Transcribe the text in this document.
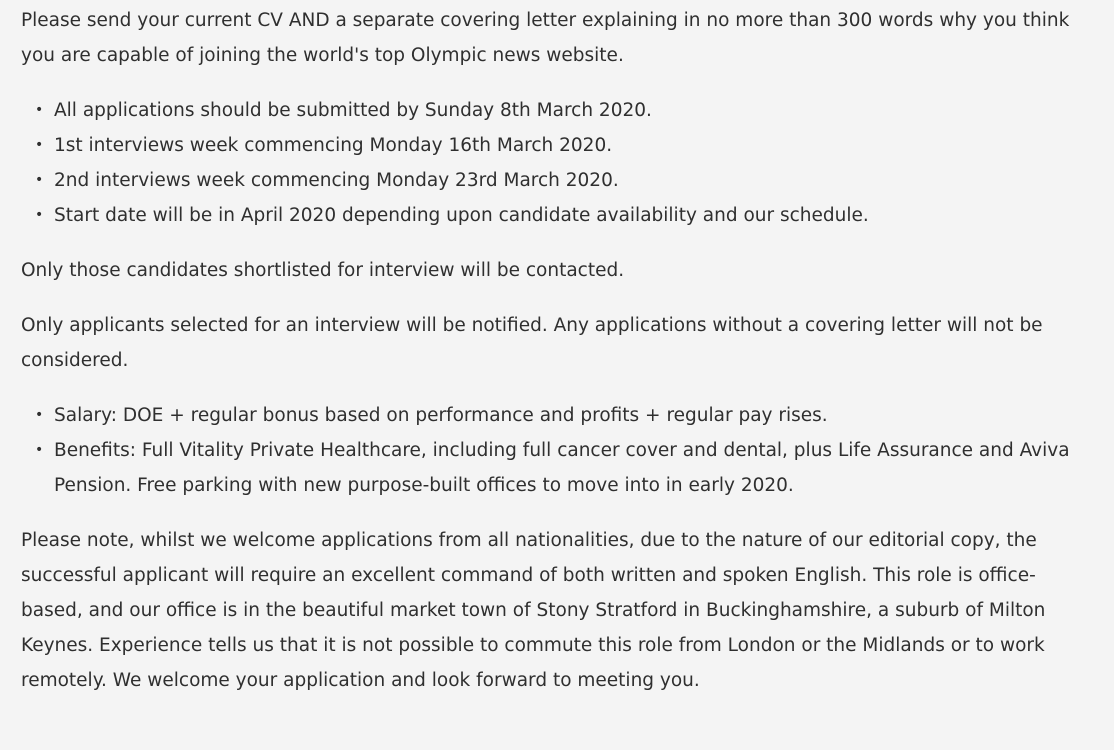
Please send your current CV AND a separate covering letter explaining in no more than 300 words why you think you are capable of joining the world's top Olympic news website.

• All applications should be submitted by Sunday 8th March 2020.
• 1st interviews week commencing Monday 16th March 2020.
• 2nd interviews week commencing Monday 23rd March 2020.
• Start date will be in April 2020 depending upon candidate availability and our schedule.

Only those candidates shortlisted for interview will be contacted.

Only applicants selected for an interview will be notified. Any applications without a covering letter will not be considered.

• Salary: DOE + regular bonus based on performance and profits + regular pay rises.
• Benefits: Full Vitality Private Healthcare, including full cancer cover and dental, plus Life Assurance and Aviva Pension. Free parking with new purpose-built offices to move into in early 2020.

Please note, whilst we welcome applications from all nationalities, due to the nature of our editorial copy, the successful applicant will require an excellent command of both written and spoken English. This role is office-based, and our office is in the beautiful market town of Stony Stratford in Buckinghamshire, a suburb of Milton Keynes. Experience tells us that it is not possible to commute this role from London or the Midlands or to work remotely. We welcome your application and look forward to meeting you.
